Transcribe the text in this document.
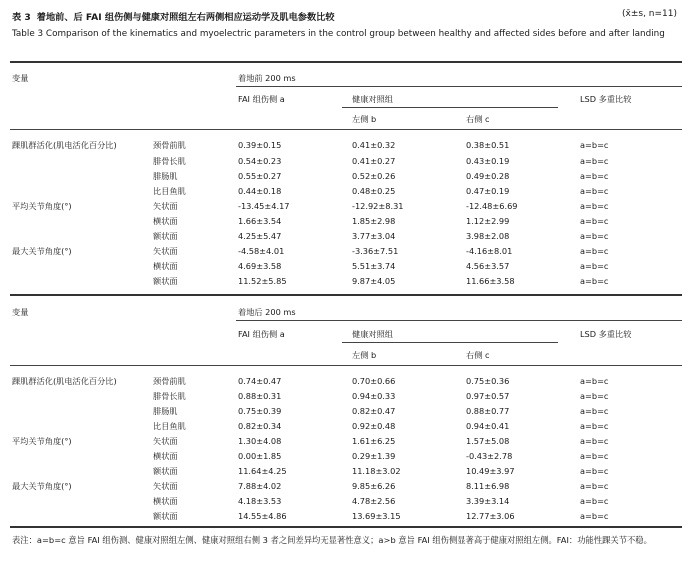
表 3 着地前、后 FAI 组伤侧与健康对照组左右两侧相应运动学及肌电参数比较	(x̄±s, n=11)
Table 3 Comparison of the kinematics and myoelectric parameters in the control group between healthy and affected sides before and after landing
变量	着地前 200 ms
FAI 组伤侧 a	健康对照组	LSD 多重比较
左侧 b	右侧 c
踝肌群活化(肌电活化百分比)	颈骨前肌	0.39±0.15	0.41±0.32	0.38±0.51	a=b=c
腓骨长肌	0.54±0.23	0.41±0.27	0.43±0.19	a=b=c
腓肠肌	0.55±0.27	0.52±0.26	0.49±0.28	a=b=c
比目鱼肌	0.44±0.18	0.48±0.25	0.47±0.19	a=b=c
平均关节角度(°)	矢状面	-13.45±4.17	-12.92±8.31	-12.48±6.69	a=b=c
横状面	1.66±3.54	1.85±2.98	1.12±2.99	a=b=c
额状面	4.25±5.47	3.77±3.04	3.98±2.08	a=b=c
最大关节角度(°)	矢状面	-4.58±4.01	-3.36±7.51	-4.16±8.01	a=b=c
横状面	4.69±3.58	5.51±3.74	4.56±3.57	a=b=c
额状面	11.52±5.85	9.87±4.05	11.66±3.58	a=b=c
变量	着地后 200 ms
FAI 组伤侧 a	健康对照组	LSD 多重比较
左侧 b	右侧 c
踝肌群活化(肌电活化百分比)	颈骨前肌	0.74±0.47	0.70±0.66	0.75±0.36	a=b=c
腓骨长肌	0.88±0.31	0.94±0.33	0.97±0.57	a=b=c
腓肠肌	0.75±0.39	0.82±0.47	0.88±0.77	a=b=c
比目鱼肌	0.82±0.34	0.92±0.48	0.94±0.41	a=b=c
平均关节角度(°)	矢状面	1.30±4.08	1.61±6.25	1.57±5.08	a=b=c
横状面	0.00±1.85	0.29±1.39	-0.43±2.78	a=b=c
额状面	11.64±4.25	11.18±3.02	10.49±3.97	a=b=c
最大关节角度(°)	矢状面	7.88±4.02	9.85±6.26	8.11±6.98	a=b=c
横状面	4.18±3.53	4.78±2.56	3.39±3.14	a=b=c
额状面	14.55±4.86	13.69±3.15	12.77±3.06	a=b=c
表注：a=b=c 意旨 FAI 组伤测、健康对照组左侧、健康对照组右侧 3 者之间差异均无显著性意义；a>b 意旨 FAI 组伤侧显著高于健康对照组左侧。FAI：功能性踝关节不稳。
